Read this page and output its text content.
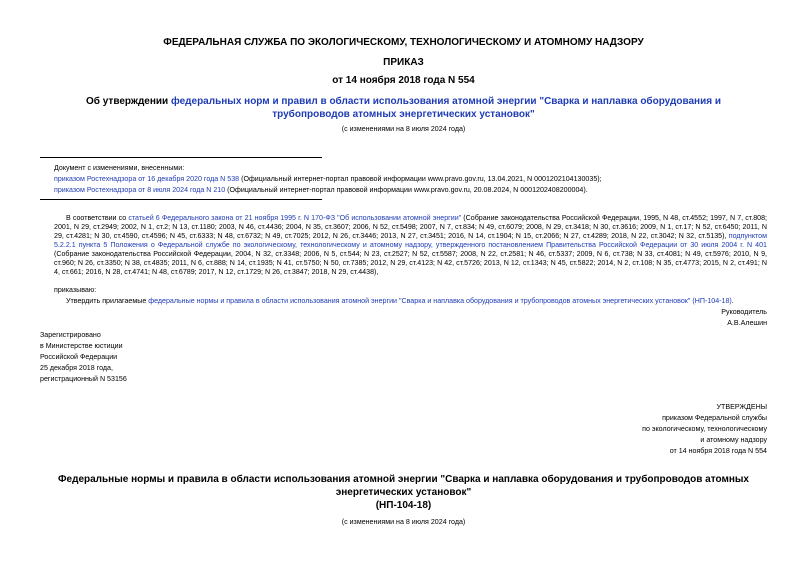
ФЕДЕРАЛЬНАЯ СЛУЖБА ПО ЭКОЛОГИЧЕСКОМУ, ТЕХНОЛОГИЧЕСКОМУ И АТОМНОМУ НАДЗОРУ
ПРИКАЗ
от 14 ноября 2018 года N 554
Об утверждении федеральных норм и правил в области использования атомной энергии "Сварка и наплавка оборудования и трубопроводов атомных энергетических установок"
(с изменениями на 8 июля 2024 года)
Документ с изменениями, внесенными:
приказом Ростехнадзора от 16 декабря 2020 года N 538 (Официальный интернет-портал правовой информации www.pravo.gov.ru, 13.04.2021, N 0001202104130035);
приказом Ростехнадзора от 8 июля 2024 года N 210 (Официальный интернет-портал правовой информации www.pravo.gov.ru, 20.08.2024, N 0001202408200004).
В соответствии со статьей 6 Федерального закона от 21 ноября 1995 г. N 170-ФЗ "Об использовании атомной энергии" (Собрание законодательства Российской Федерации, 1995, N 48, ст.4552; 1997, N 7, ст.808; 2001, N 29, ст.2949; 2002, N 1, ст.2; N 13, ст.1180; 2003, N 46, ст.4436; 2004, N 35, ст.3607; 2006, N 52, ст.5498; 2007, N 7, ст.834; N 49, ст.6079; 2008, N 29, ст.3418; N 30, ст.3616; 2009, N 1, ст.17; N 52, ст.6450; 2011, N 29, ст.4281; N 30, ст.4590, ст.4596; N 45, ст.6333; N 48, ст.6732; N 49, ст.7025; 2012, N 26, ст.3446; 2013, N 27, ст.3451; 2016, N 14, ст.1904; N 15, ст.2066; N 27, ст.4289; 2018, N 22, ст.3042; N 32, ст.5135), подпунктом 5.2.2.1 пункта 5 Положения о Федеральной службе по экологическому, технологическому и атомному надзору, утвержденного постановлением Правительства Российской Федерации от 30 июля 2004 г. N 401 (Собрание законодательства Российской Федерации, 2004, N 32, ст.3348; 2006, N 5, ст.544; N 23, ст.2527; N 52, ст.5587; 2008, N 22, ст.2581; N 46, ст.5337; 2009, N 6, ст.738; N 33, ст.4081; N 49, ст.5976; 2010, N 9, ст.960; N 26, ст.3350; N 38, ст.4835; 2011, N 6, ст.888; N 14, ст.1935; N 41, ст.5750; N 50, ст.7385; 2012, N 29, ст.4123; N 42, ст.5726; 2013, N 12, ст.1343; N 45, ст.5822; 2014, N 2, ст.108; N 35, ст.4773; 2015, N 2, ст.491; N 4, ст.661; 2016, N 28, ст.4741; N 48, ст.6789; 2017, N 12, ст.1729; N 26, ст.3847; 2018, N 29, ст.4438),
приказываю:
Утвердить прилагаемые федеральные нормы и правила в области использования атомной энергии "Сварка и наплавка оборудования и трубопроводов атомных энергетических установок" (НП-104-18).
Руководитель
А.В.Алешин
Зарегистрировано
в Министерстве юстиции
Российской Федерации
25 декабря 2018 года,
регистрационный N 53156
УТВЕРЖДЕНЫ
приказом Федеральной службы
по экологическому, технологическому
и атомному надзору
от 14 ноября 2018 года N 554
Федеральные нормы и правила в области использования атомной энергии "Сварка и наплавка оборудования и трубопроводов атомных энергетических установок"
(НП-104-18)
(с изменениями на 8 июля 2024 года)
